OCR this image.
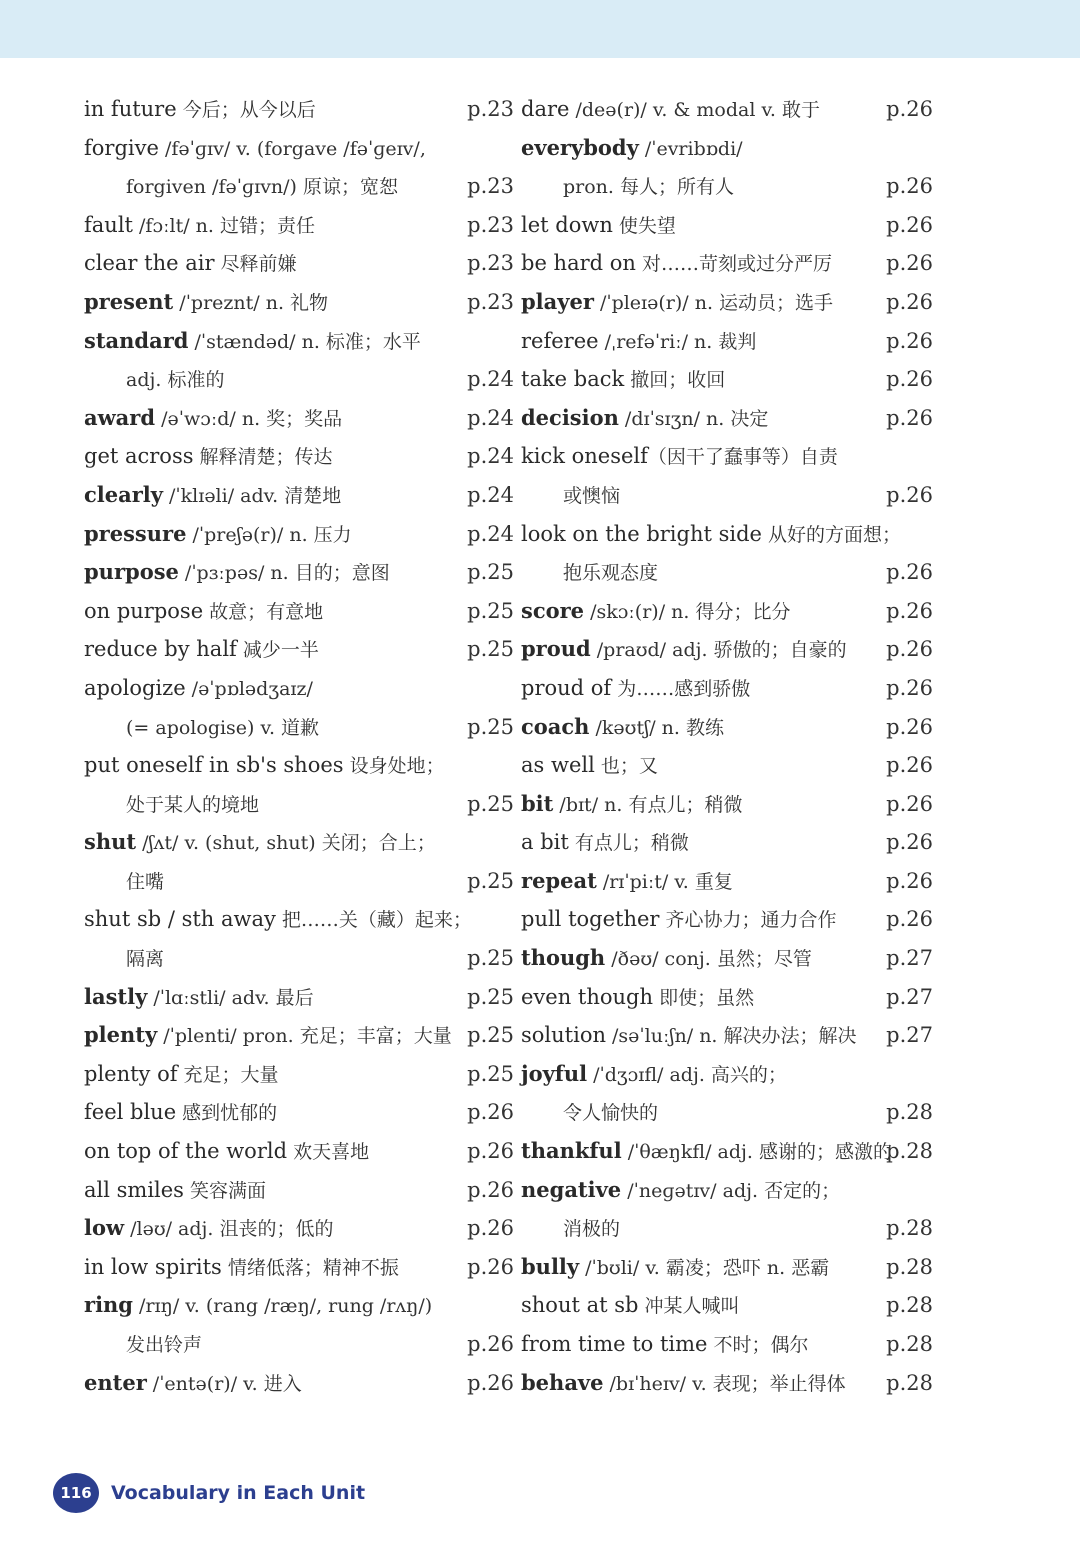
in future 今后；从今以后	p.23
forgive /fəˈɡɪv/ v. (forgave /fəˈɡeɪv/,
forgiven /fəˈɡɪvn/) 原谅；宽恕	p.23
fault /fɔːlt/ n. 过错；责任	p.23
clear the air 尽释前嫌	p.23
present /ˈpreznt/ n. 礼物	p.23
standard /ˈstændəd/ n. 标准；水平
adj. 标准的	p.24
award /əˈwɔːd/ n. 奖；奖品	p.24
get across 解释清楚；传达	p.24
clearly /ˈklɪəli/ adv. 清楚地	p.24
pressure /ˈpreʃə(r)/ n. 压力	p.24
purpose /ˈpɜːpəs/ n. 目的；意图	p.25
on purpose 故意；有意地	p.25
reduce by half 减少一半	p.25
apologize /əˈpɒlədʒaɪz/
(= apologise) v. 道歉	p.25
put oneself in sb's shoes 设身处地；
处于某人的境地	p.25
shut /ʃʌt/ v. (shut, shut) 关闭；合上；
住嘴	p.25
shut sb / sth away 把……关（藏）起来；
隔离	p.25
lastly /ˈlɑːstli/ adv. 最后	p.25
plenty /ˈplenti/ pron. 充足；丰富；大量 p.25
plenty of 充足；大量	p.25
feel blue 感到忧郁的	p.26
on top of the world 欢天喜地	p.26
all smiles 笑容满面	p.26
low /ləʊ/ adj. 沮丧的；低的	p.26
in low spirits 情绪低落；精神不振	p.26
ring /rɪŋ/ v. (rang /ræŋ/, rung /rʌŋ/)
发出铃声	p.26
enter /ˈentə(r)/ v. 进入	p.26
dare /deə(r)/ v. & modal v. 敢于	p.26
everybody /ˈevribɒdi/
pron. 每人；所有人	p.26
let down 使失望	p.26
be hard on 对……苛刻或过分严厉	p.26
player /ˈpleɪə(r)/ n. 运动员；选手	p.26
referee /ˌrefəˈriː/ n. 裁判	p.26
take back 撤回；收回	p.26
decision /dɪˈsɪʒn/ n. 决定	p.26
kick oneself（因干了蠢事等）自责
或懊恼	p.26
look on the bright side 从好的方面想；
抱乐观态度	p.26
score /skɔː(r)/ n. 得分；比分	p.26
proud /praʊd/ adj. 骄傲的；自豪的 p.26
proud of 为……感到骄傲	p.26
coach /kəʊtʃ/ n. 教练	p.26
as well 也；又	p.26
bit /bɪt/ n. 有点儿；稍微	p.26
a bit 有点儿；稍微	p.26
repeat /rɪˈpiːt/ v. 重复	p.26
pull together 齐心协力；通力合作 p.26
though /ðəʊ/ conj. 虽然；尽管	p.27
even though 即使；虽然	p.27
solution /səˈluːʃn/ n. 解决办法；解决 p.27
joyful /ˈdʒɔɪfl/ adj. 高兴的；
令人愉快的	p.28
thankful /ˈθæŋkfl/ adj. 感谢的；感激的
p.28
negative /ˈneɡətɪv/ adj. 否定的；
消极的	p.28
bully /ˈbʊli/ v. 霸凌；恐吓 n. 恶霸	p.28
shout at sb 冲某人喊叫	p.28
from time to time 不时；偶尔	p.28
behave /bɪˈheɪv/ v. 表现；举止得体 p.28
116	Vocabulary in Each Unit
